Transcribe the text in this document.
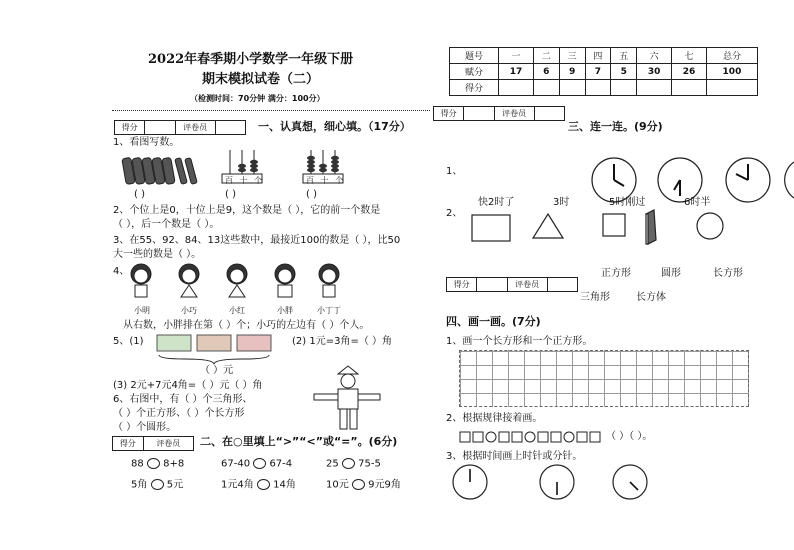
2022年春季期小学数学一年级下册
期末模拟试卷（二）
（检测时间：70分钟 满分：100分）
得分	评卷员	一、认真想，细心填。（17分）
1、看图写数。
百 十 个	百 十 个
( )	( )	( )
2、个位上是0，十位上是9，这个数是（ ），它的前一个数是
（ ），后一个数是（ ）。
3、在55、92、84、13这些数中，最接近100的数是（ ），比50
大一些的数是（ ）。
4、
小明	小巧	小红	小胖	小丁丁
从右数，小胖排在第（ ）个；小巧的左边有（ ）个人。
5、(1)	(2) 1元=3角=（ ）角
（ ）元
(3) 2元+7元4角=（ ）元（ ）角
6、右图中，有（ ）个三角形、
（ ）个正方形、（ ）个长方形
（ ）个圆形。
得分	评卷员	二、在○里填上“>”“<”或“=”。(6分)
88 8+8	67-40 67-4	25 75-5
5角 5元	1元4角 14角	10元 9元9角
题号	一	二	三	四	五	六	七	总分
赋分	17	6	9	7	5	30	26	100
得分								
得分	评卷员
三、连一连。(9分)
1、
2、
快2时了	3时	5时刚过	6时半
正方形	圆形	长方形
得分	评卷员
三角形	长方体
四、画一画。(7分)
1、画一个长方形和一个正方形。
2、根据规律接着画。
（ ）（ ）。
3、根据时间画上时针或分针。
